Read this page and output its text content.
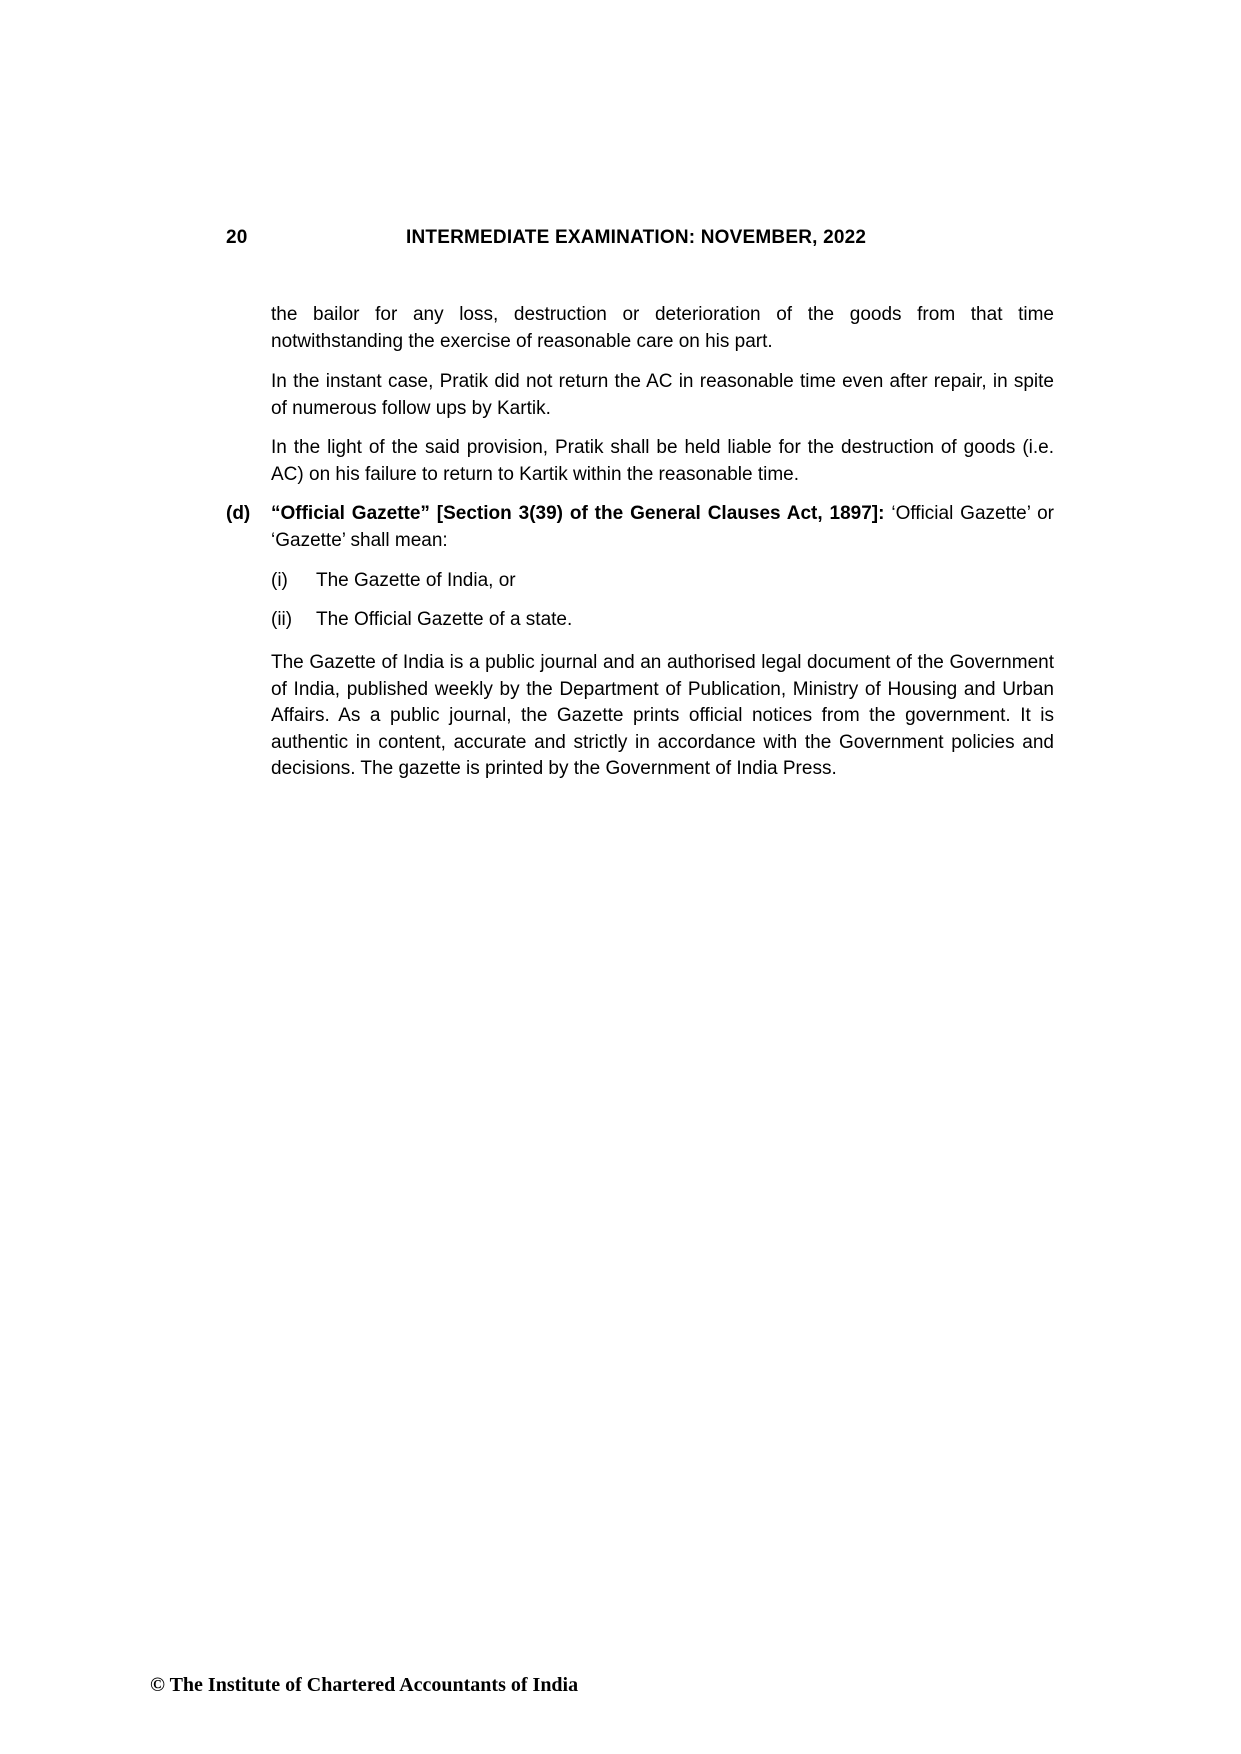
20	INTERMEDIATE EXAMINATION: NOVEMBER, 2022

the bailor for any loss, destruction or deterioration of the goods from that time notwithstanding the exercise of reasonable care on his part.

In the instant case, Pratik did not return the AC in reasonable time even after repair, in spite of numerous follow ups by Kartik.

In the light of the said provision, Pratik shall be held liable for the destruction of goods (i.e. AC) on his failure to return to Kartik within the reasonable time.

(d) “Official Gazette” [Section 3(39) of the General Clauses Act, 1897]: ‘Official Gazette’ or ‘Gazette’ shall mean:
(i) The Gazette of India, or
(ii) The Official Gazette of a state.

The Gazette of India is a public journal and an authorised legal document of the Government of India, published weekly by the Department of Publication, Ministry of Housing and Urban Affairs. As a public journal, the Gazette prints official notices from the government. It is authentic in content, accurate and strictly in accordance with the Government policies and decisions. The gazette is printed by the Government of India Press.

© The Institute of Chartered Accountants of India
